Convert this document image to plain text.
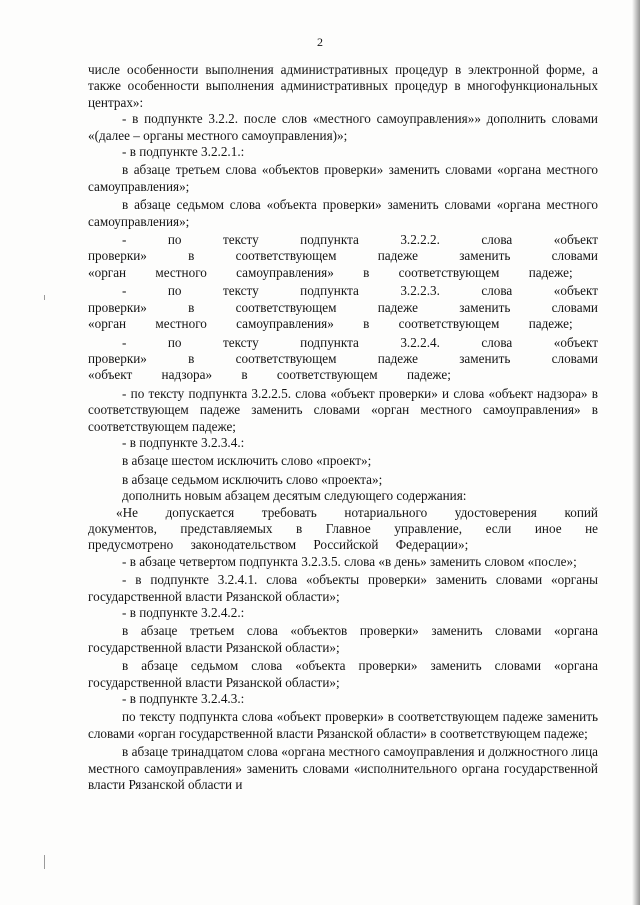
2

числе особенности выполнения административных процедур в электронной форме, а также особенности выполнения административных процедур в многофункциональных центрах»:

- в подпункте 3.2.2. после слов «местного самоуправления»» дополнить словами «(далее – органы местного самоуправления)»;

- в подпункте 3.2.2.1.:

в абзаце третьем слова «объектов проверки» заменить словами «органа местного самоуправления»;

в абзаце седьмом слова «объекта проверки» заменить словами «органа местного самоуправления»;

- по тексту подпункта 3.2.2.2. слова «объект проверки» в соответствующем падеже заменить словами «орган местного самоуправления» в соответствующем падеже;

- по тексту подпункта 3.2.2.3. слова «объект проверки» в соответствующем падеже заменить словами «орган местного самоуправления» в соответствующем падеже;

- по тексту подпункта 3.2.2.4. слова «объект проверки» в соответствующем падеже заменить словами «объект надзора» в соответствующем падеже;

- по тексту подпункта 3.2.2.5. слова «объект проверки» и слова «объект надзора» в соответствующем падеже заменить словами «орган местного самоуправления» в соответствующем падеже;

- в подпункте 3.2.3.4.:

в абзаце шестом исключить слово «проект»;

в абзаце седьмом исключить слово «проекта»;

дополнить новым абзацем десятым следующего содержания:

«Не допускается требовать нотариального удостоверения копий документов, представляемых в Главное управление, если иное не предусмотрено законодательством Российской Федерации»;

- в абзаце четвертом подпункта 3.2.3.5. слова «в день» заменить словом «после»;

- в подпункте 3.2.4.1. слова «объекты проверки» заменить словами «органы государственной власти Рязанской области»;

- в подпункте 3.2.4.2.:

в абзаце третьем слова «объектов проверки» заменить словами «органа государственной власти Рязанской области»;

в абзаце седьмом слова «объекта проверки» заменить словами «органа государственной власти Рязанской области»;

- в подпункте 3.2.4.3.:

по тексту подпункта слова «объект проверки» в соответствующем падеже заменить словами «орган государственной власти Рязанской области» в соответствующем падеже;

в абзаце тринадцатом слова «органа местного самоуправления и должностного лица местного самоуправления» заменить словами «исполнительного органа государственной власти Рязанской области и
